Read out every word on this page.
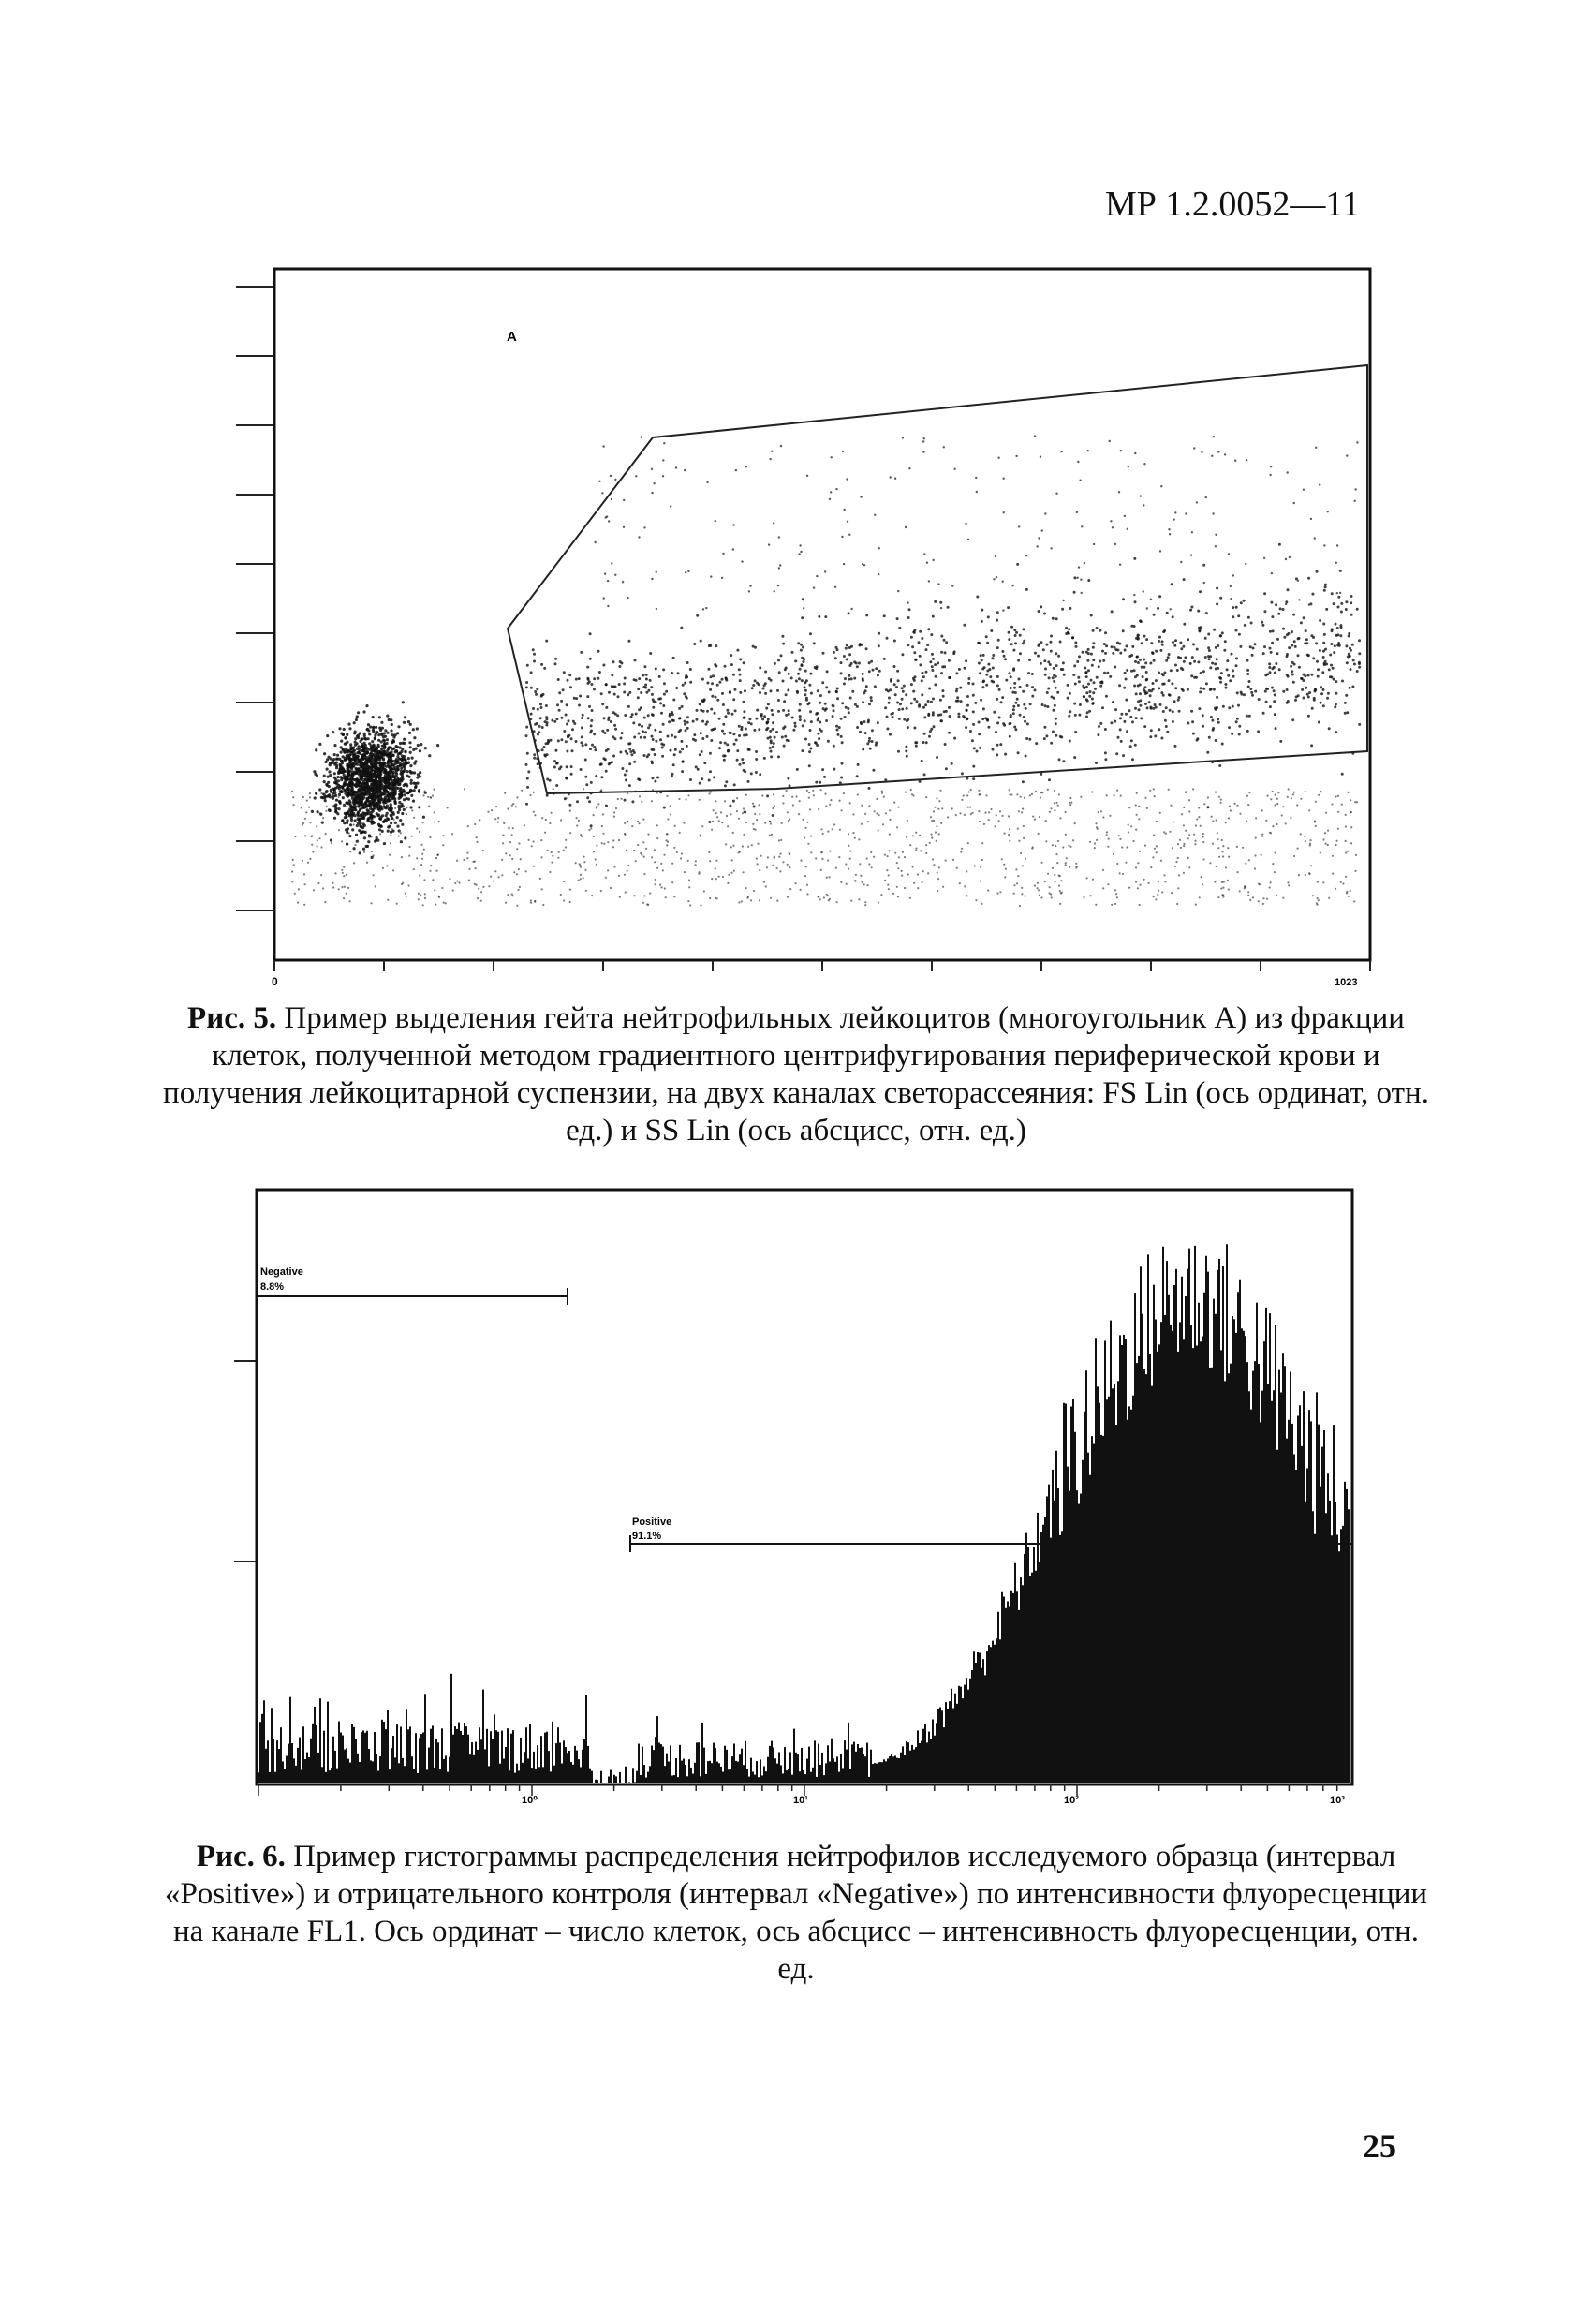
МР 1.2.0052—11
A
0	1023
Рис. 5. Пример выделения гейта нейтрофильных лейкоцитов (многоугольник А) из фракции клеток, полученной методом градиентного центрифугирования периферической крови и получения лейкоцитарной суспензии, на двух каналах светорассеяния: FS Lin (ось ординат, отн. ед.) и SS Lin (ось абсцисс, отн. ед.)
Negative
8.8%
Positive
91.1%
10⁰	10¹	10²	10³
Рис. 6. Пример гистограммы распределения нейтрофилов исследуемого образца (интервал «Positive») и отрицательного контроля (интервал «Negative») по интенсивности флуоресценции на канале FL1. Ось ординат – число клеток, ось абсцисс – интенсивность флуоресценции, отн. ед.
25
